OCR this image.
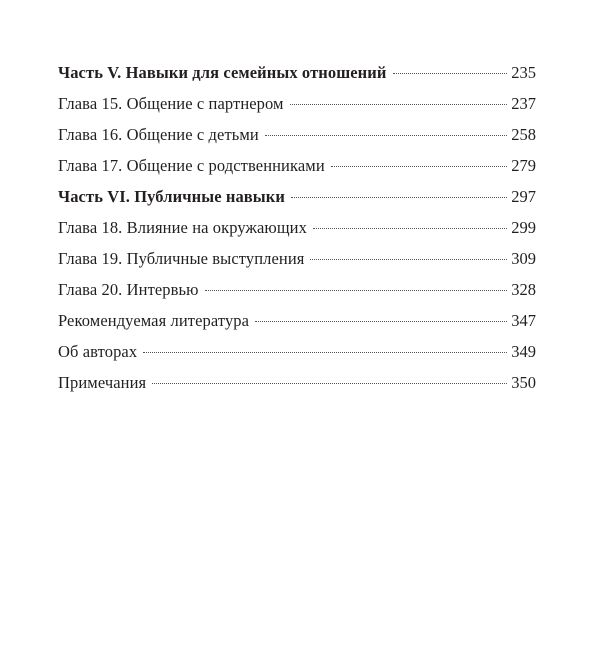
Часть V. Навыки для семейных отношений	235
Глава 15. Общение с партнером	237
Глава 16. Общение с детьми	258
Глава 17. Общение с родственниками	279
Часть VI. Публичные навыки	297
Глава 18. Влияние на окружающих	299
Глава 19. Публичные выступления	309
Глава 20. Интервью	328
Рекомендуемая литература	347
Об авторах	349
Примечания	350
